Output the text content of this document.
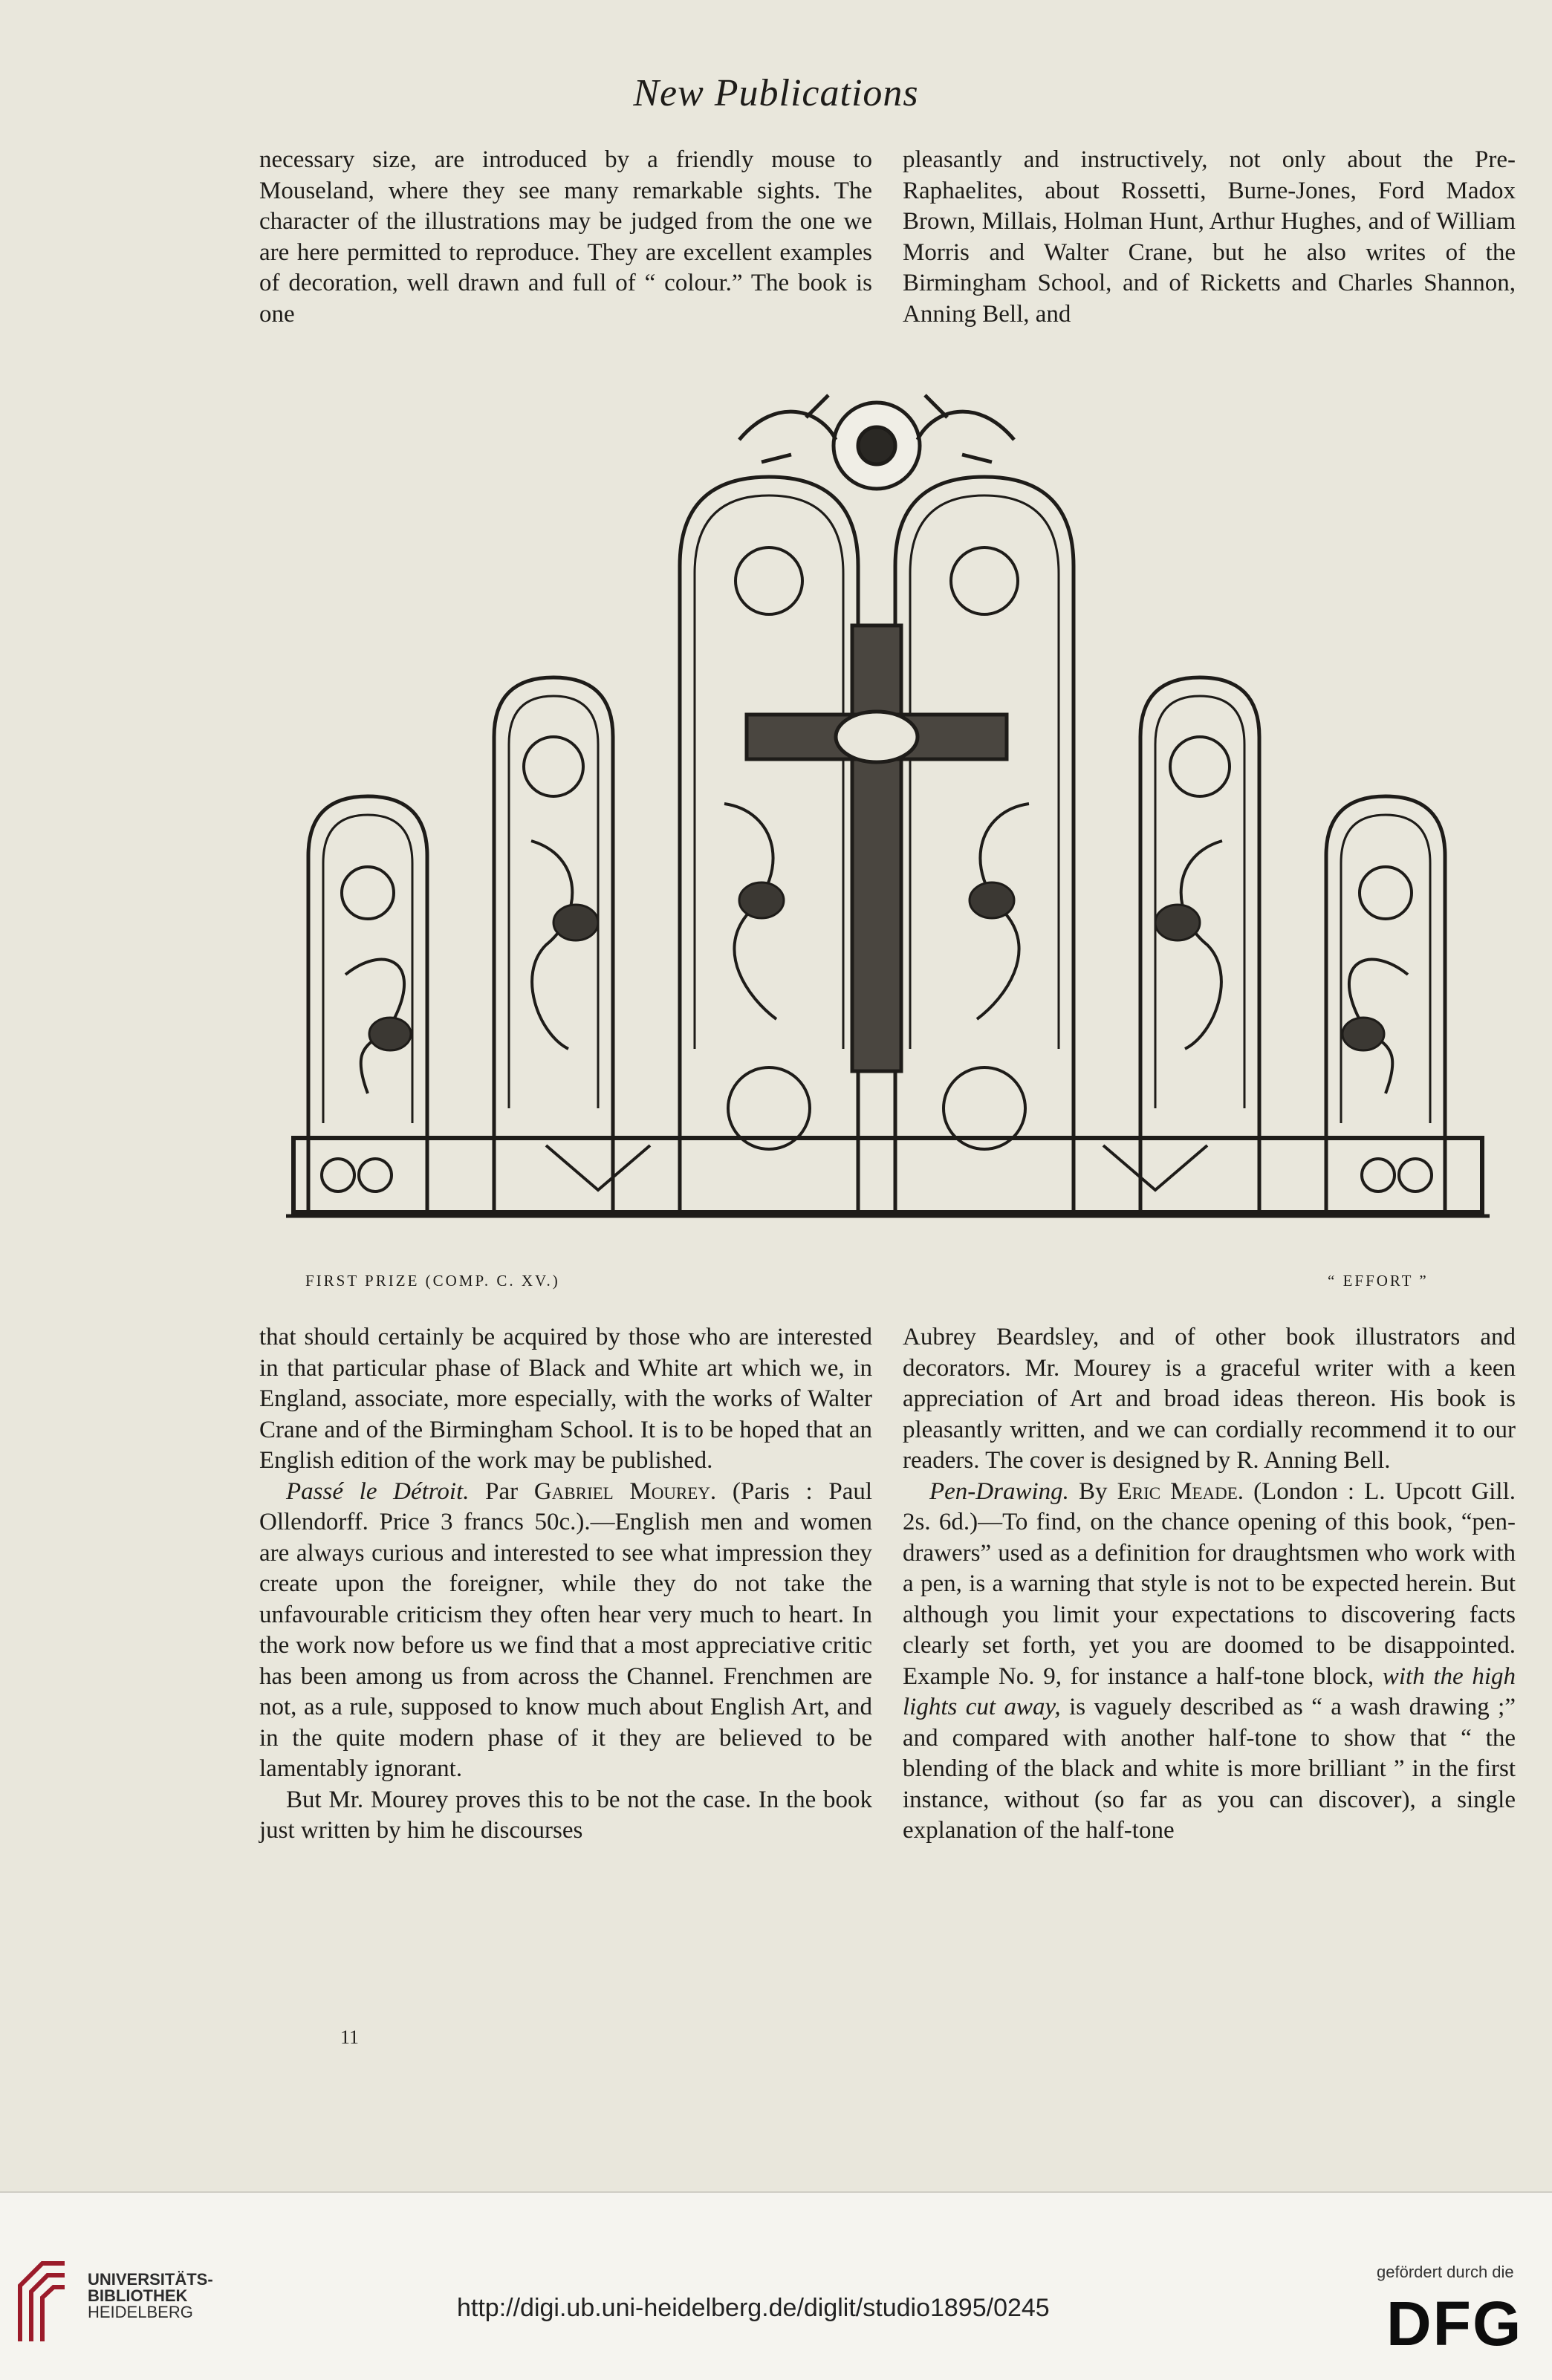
New Publications

necessary size, are introduced by a friendly mouse to Mouseland, where they see many remarkable sights. The character of the illustrations may be judged from the one we are here permitted to reproduce. They are excellent examples of decoration, well drawn and full of “ colour.” The book is one

pleasantly and instructively, not only about the Pre-Raphaelites, about Rossetti, Burne-Jones, Ford Madox Brown, Millais, Holman Hunt, Arthur Hughes, and of William Morris and Walter Crane, but he also writes of the Birmingham School, and of Ricketts and Charles Shannon, Anning Bell, and

FIRST PRIZE (COMP. C. XV.)	“ EFFORT ”

that should certainly be acquired by those who are interested in that particular phase of Black and White art which we, in England, associate, more especially, with the works of Walter Crane and of the Birmingham School. It is to be hoped that an English edition of the work may be published.

Passé le Détroit. Par Gabriel Mourey. (Paris : Paul Ollendorff. Price 3 francs 50c.).—English men and women are always curious and interested to see what impression they create upon the foreigner, while they do not take the unfavourable criticism they often hear very much to heart. In the work now before us we find that a most appreciative critic has been among us from across the Channel. Frenchmen are not, as a rule, supposed to know much about English Art, and in the quite modern phase of it they are believed to be lamentably ignorant.

But Mr. Mourey proves this to be not the case. In the book just written by him he discourses

Aubrey Beardsley, and of other book illustrators and decorators. Mr. Mourey is a graceful writer with a keen appreciation of Art and broad ideas thereon. His book is pleasantly written, and we can cordially recommend it to our readers. The cover is designed by R. Anning Bell.

Pen-Drawing. By Eric Meade. (London : L. Upcott Gill. 2s. 6d.)—To find, on the chance opening of this book, “pen-drawers” used as a definition for draughtsmen who work with a pen, is a warning that style is not to be expected herein. But although you limit your expectations to discovering facts clearly set forth, yet you are doomed to be disappointed. Example No. 9, for instance a half-tone block, with the high lights cut away, is vaguely described as “ a wash drawing ;” and compared with another half-tone to show that “ the blending of the black and white is more brilliant ” in the first instance, without (so far as you can discover), a single explanation of the half-tone

11
UNIVERSITÄTS-
BIBLIOTHEK
HEIDELBERG	http://digi.ub.uni-heidelberg.de/diglit/studio1895/0245
gefördert durch die
DFG
